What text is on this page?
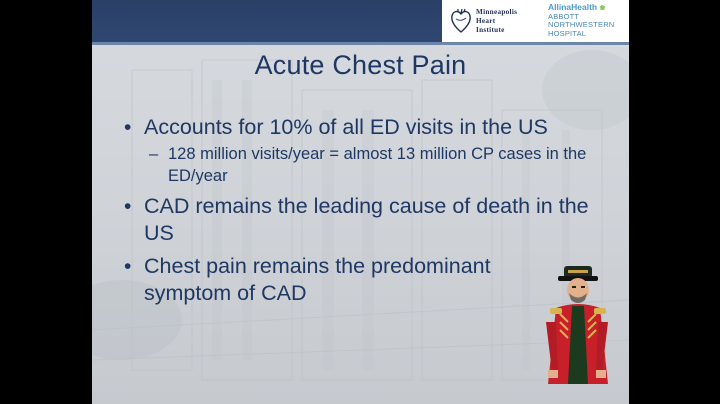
Minneapolis
Heart
Institute
AllinaHealth ❀
ABBOTT
NORTHWESTERN
HOSPITAL
Acute Chest Pain
• Accounts for 10% of all ED visits in the US
– 128 million visits/year = almost 13 million CP cases in the ED/year
• CAD remains the leading cause of death in the US
• Chest pain remains the predominant symptom of CAD
